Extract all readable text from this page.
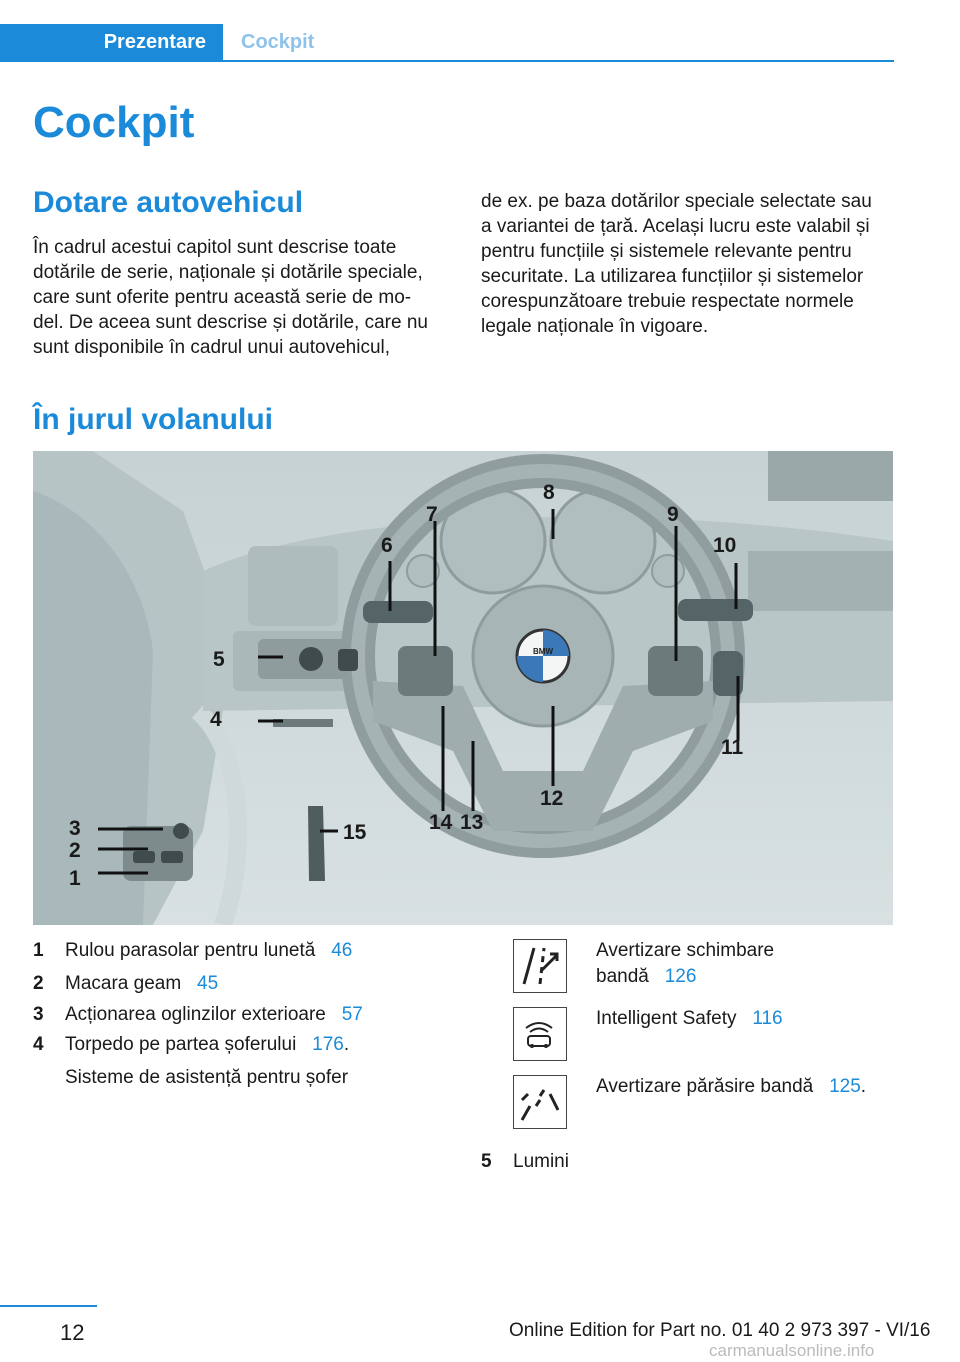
Prezentare	Cockpit
Cockpit
Dotare autovehicul
În cadrul acestui capitol sunt descrise toate
dotările de serie, naționale și dotările speciale,
care sunt oferite pentru această serie de mo‐
del. De aceea sunt descrise și dotările, care nu
sunt disponibile în cadrul unui autovehicul,
de ex. pe baza dotărilor speciale selectate sau
a variantei de țară. Același lucru este valabil și
pentru funcțiile și sistemele relevante pentru
securitate. La utilizarea funcțiilor și sistemelor
corespunzătoare trebuie respectate normele
legale naționale în vigoare.
În jurul volanului
3
2
1
4
5
6
7
8
9
10
11
12
13
14
15
BMW
1 Rulou parasolar pentru lunetă 46
2 Macara geam 45
3 Acționarea oglinzilor exterioare 57
4 Torpedo pe partea șoferului 176.
Sisteme de asistență pentru șofer
Avertizare schimbare
bandă 126
Intelligent Safety 116
Avertizare părăsire bandă 125.
5 Lumini
12	Online Edition for Part no. 01 40 2 973 397 - VI/16
carmanualsonline.info
